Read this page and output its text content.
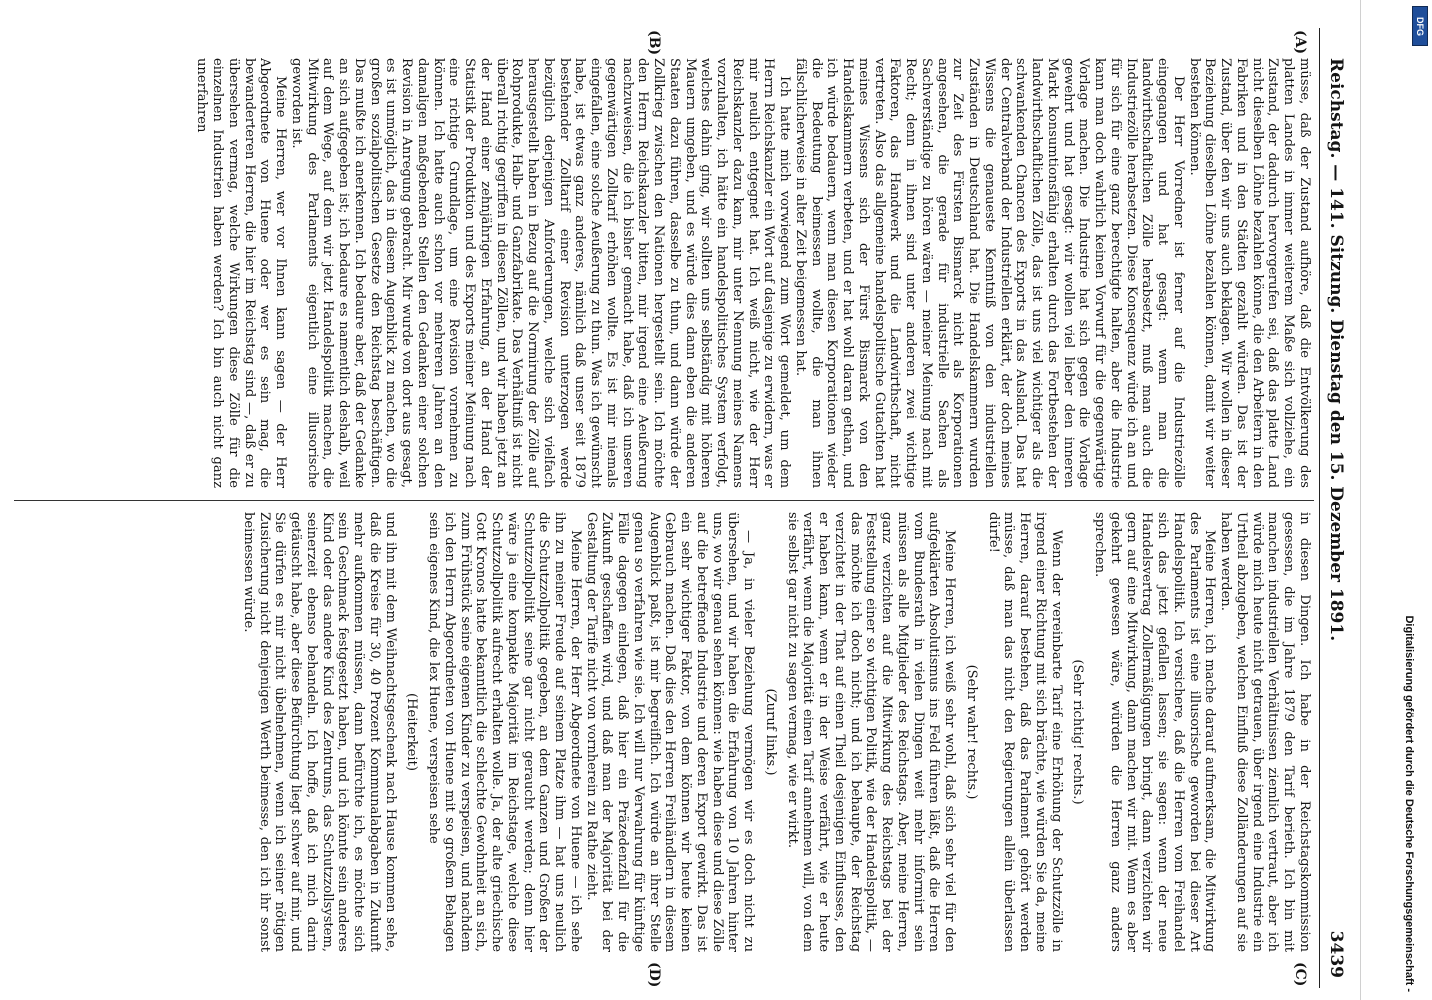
Reichstag. — 141. Sitzung. Dienstag den 15. Dezember 1891.
3439
(A)
(B)
(C)
(D)

müsse, daß der Zustand aufhöre, daß die Entvölkerung des platten Landes in immer weiterem Maße sich vollziehe, ein Zustand, der dadurch hervorgerufen sei, daß das platte Land nicht dieselben Löhne bezahlen könne, die den Arbeitern in den Fabriken und in den Städten gezahlt würden. Das ist der Zustand, über den wir uns auch beklagen. Wir wollen in dieser Beziehung dieselben Löhne bezahlen können, damit wir weiter bestehen können.

Der Herr Vorredner ist ferner auf die Industriezölle eingegangen und hat gesagt: wenn man die landwirthschaftlichen Zölle herabsetzt, muß man auch die Industriezölle herabsetzen. Diese Konsequenz würde ich an und für sich für eine ganz berechtigte halten, aber die Industrie kann man doch wahrlich keinen Vorwurf für die gegenwärtige Vorlage machen. Die Industrie hat sich gegen die Vorlage gewehrt und hat gesagt: wir wollen viel lieber den inneren Markt konsumtionsfähig erhalten durch das Fortbestehen der landwirthschaftlichen Zölle, das ist uns viel wichtiger als die schwankenden Chancen des Exports in das Ausland. Das hat der Centralverband der Industriellen erklärt, der doch meines Wissens die genaueste Kenntniß von den industriellen Zuständen in Deutschland hat. Die Handelskammern wurden zur Zeit des Fürsten Bismarck nicht als Korporationen angesehen, die gerade für industrielle Sachen als Sachverständige zu hören wären — meiner Meinung nach mit Recht; denn in ihnen sind unter anderen zwei wichtige Faktoren, das Handwerk und die Landwirthschaft, nicht vertreten. Also das allgemeine handelspolitische Gutachten hat meines Wissens sich der Fürst Bismarck von den Handelskammern verbeten, und er hat wohl daran gethan, und ich würde bedauern, wenn man diesen Korporationen wieder die Bedeutung beimessen wollte, die man ihnen fälschlicherweise in alter Zeit beigemessen hat.

Ich hatte mich vorwiegend zum Wort gemeldet, um dem Herrn Reichskanzler ein Wort auf dasjenige zu erwidern, was er mir neulich entgegnet hat. Ich weiß nicht, wie der Herr Reichskanzler dazu kam, mir unter Nennung meines Namens vorzuhalten, ich hätte ein handelspolitisches System verfolgt, welches dahin ging, wir sollten uns selbständig mit höheren Mauern umgeben, und es würde dies dann eben die anderen Staaten dazu führen, dasselbe zu thun, und dann würde der Zollkrieg zwischen den Nationen hergestellt sein. Ich möchte den Herrn Reichskanzler bitten, mir irgend eine Aeußerung nachzuweisen, die ich bisher gemacht habe, daß ich unseren gegenwärtigen Zolltarif erhöhen wollte. Es ist mir niemals eingefallen, eine solche Aeußerung zu thun. Was ich gewünscht habe, ist etwas ganz anderes, nämlich daß unser seit 1879 bestehender Zolltarif einer Revision unterzogen werde bezüglich derjenigen Anforderungen, welche sich vielfach herausgestellt haben in Bezug auf die Normirung der Zölle auf Rohprodukte, Halb- und Ganzfabrikate. Das Verhältniß ist nicht überall richtig gegriffen in diesen Zöllen, und wir haben jetzt an der Hand einer zehnjährigen Erfahrung, an der Hand der Statistik der Produktion und des Exports meiner Meinung nach eine richtige Grundlage, um eine Revision vornehmen zu können. Ich hatte auch schon vor mehreren Jahren an den damaligen maßgebenden Stellen den Gedanken einer solchen Revision in Anregung gebracht. Mir wurde von dort aus gesagt, es ist unmöglich, das in diesem Augenblick zu machen, wo die großen sozialpolitischen Gesetze den Reichstag beschäftigen. Das mußte ich anerkennen. Ich bedaure aber, daß der Gedanke an sich aufgegeben ist; ich bedaure es namentlich deshalb, weil auf dem Wege, auf dem wir jetzt Handelspolitik machen, die Mitwirkung des Parlaments eigentlich eine illusorische geworden ist.

Meine Herren, wer vor Ihnen kann sagen — der Herr Abgeordnete von Huene oder wer es sein mag, die bewanderteren Herren, die hier im Reichstag sind —, daß er zu übersehen vermag, welche Wirkungen diese Zölle für die einzelnen Industrien haben werden? Ich bin auch nicht ganz unerfahren

in diesen Dingen. Ich habe in der Reichstagskommission gesessen, die im Jahre 1879 den Tarif berieth. Ich bin mit manchen industriellen Verhältnissen ziemlich vertraut, aber ich würde mich heute nicht getrauen, über irgend eine Industrie ein Urtheil abzugeben, welchen Einfluß diese Zolländerungen auf sie haben werden.

Meine Herren, ich mache darauf aufmerksam, die Mitwirkung des Parlaments ist eine illusorische geworden bei dieser Art Handelspolitik. Ich versichere, daß die Herren vom Freihandel sich das jetzt gefallen lassen; sie sagen: wenn der neue Handelsvertrag Zollermäßigungen bringt, dann verzichten wir gern auf eine Mitwirkung, dann machen wir mit. Wenn es aber gekehrt gewesen wäre, würden die Herren ganz anders sprechen.

(Sehr richtig! rechts.)

Wenn der vereinbarte Tarif eine Erhöhung der Schutzzölle in irgend einer Richtung mit sich brächte, wie würden Sie da, meine Herren, darauf bestehen, daß das Parlament gehört werden müsse, daß man das nicht den Regierungen allein überlassen dürfe!

(Sehr wahr! rechts.)

Meine Herren, ich weiß sehr wohl, daß sich sehr viel für den aufgeklärten Absolutismus ins Feld führen läßt, daß die Herren vom Bundesrath in vielen Dingen weit mehr informirt sein müssen als alle Mitglieder des Reichstags. Aber, meine Herren, ganz verzichten auf die Mitwirkung des Reichstags bei der Feststellung einer so wichtigen Politik, wie der Handelspolitik, — das möchte ich doch nicht; und ich behaupte, der Reichstag verzichtet in der That auf einen Theil desjenigen Einflusses, den er haben kann, wenn er in der Weise verfährt, wie er heute verfährt, wenn die Majorität einen Tarif annehmen will, von dem sie selbst gar nicht zu sagen vermag, wie er wirkt.

(Zuruf links.)

— Ja, in vieler Beziehung vermögen wir es doch nicht zu übersehen, und wir haben die Erfahrung von 10 Jahren hinter uns, wo wir genau sehen können: wie haben diese und diese Zölle auf die betreffende Industrie und deren Export gewirkt. Das ist ein sehr wichtiger Faktor, von dem können wir heute keinen Gebrauch machen. Daß dies den Herren Freihändlern in diesem Augenblick paßt, ist mir begreiflich. Ich würde an ihrer Stelle genau so verfahren wie sie. Ich will nur Verwahrung für künftige Fälle dagegen einlegen, daß hier ein Präzedenzfall für die Zukunft geschaffen wird, und daß man der Majorität bei der Gestaltung der Tarife nicht von vornherein zu Rathe zieht.

Meine Herren, der Herr Abgeordnete von Huene — ich sehe ihn zu meiner Freude auf seinem Platze ihm — hat uns neulich die Schutzzollpolitik gegeben, an dem Ganzen und Großen der Schutzzollpolitik seine gar nicht geraucht werden; denn hier wäre ja eine kompakte Majorität im Reichstage, welche diese Schutzzollpolitik aufrecht erhalten wolle. Ja, der alte griechische Gott Kronos hatte bekanntlich die schlechte Gewohnheit an sich, zum Frühstück seine eigenen Kinder zu verspeisen, und nachdem ich den Herrn Abgeordneten von Huene mit so großem Behagen sein eigenes Kind, die lex Huene, verspeisen sehe

(Heiterkeit)

und ihn mit dem Weihnachtsgeschenk nach Hause kommen sehe, daß die Kreise für 30, 40 Prozent Kommunalabgaben in Zukunft mehr aufkommen müssen, dann befürchte ich, es möchte sich sein Geschmack festgesetzt haben, und ich könnte sein anderes Kind oder das andere Kind des Zentrums, das Schutzzollsystem, seinerzeit ebenso behandeln. Ich hoffe, daß ich mich darin getäuscht habe, aber diese Befürchtung liegt schwer auf mir, und Sie dürfen es mir nicht übelnehmen, wenn ich seiner nötigen Zusicherung nicht denjenigen Werth beimesse, den ich ihr sonst beimessen würde.

Digitalisierung gefördert durch die Deutsche Forschungsgemeinschaft -
DFG
